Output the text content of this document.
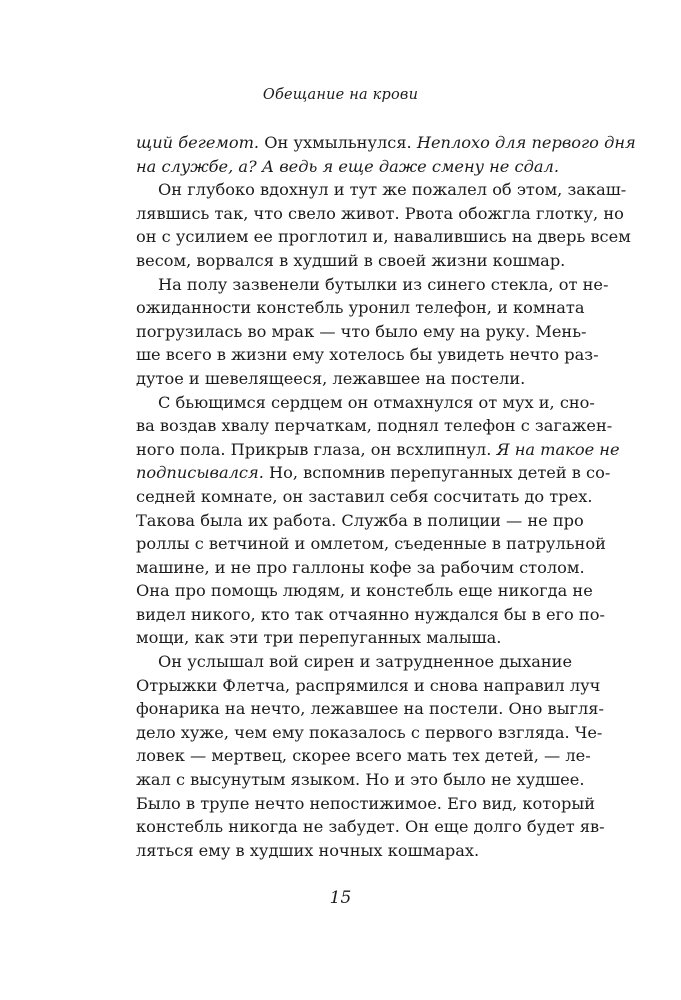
Обещание на крови
щий бегемот. Он ухмыльнулся. Неплохо для первого дня
на службе, а? А ведь я еще даже смену не сдал.
Он глубоко вдохнул и тут же пожалел об этом, закаш-
лявшись так, что свело живот. Рвота обожгла глотку, но
он с усилием ее проглотил и, навалившись на дверь всем
весом, ворвался в худший в своей жизни кошмар.
На полу зазвенели бутылки из синего стекла, от не-
ожиданности констебль уронил телефон, и комната
погрузилась во мрак — что было ему на руку. Мень-
ше всего в жизни ему хотелось бы увидеть нечто раз-
дутое и шевелящееся, лежавшее на постели.
С бьющимся сердцем он отмахнулся от мух и, сно-
ва воздав хвалу перчаткам, поднял телефон с загажен-
ного пола. Прикрыв глаза, он всхлипнул. Я на такое не
подписывался. Но, вспомнив перепуганных детей в со-
седней комнате, он заставил себя сосчитать до трех.
Такова была их работа. Служба в полиции — не про
роллы с ветчиной и омлетом, съеденные в патрульной
машине, и не про галлоны кофе за рабочим столом.
Она про помощь людям, и констебль еще никогда не
видел никого, кто так отчаянно нуждался бы в его по-
мощи, как эти три перепуганных малыша.
Он услышал вой сирен и затрудненное дыхание
Отрыжки Флетча, распрямился и снова направил луч
фонарика на нечто, лежавшее на постели. Оно выгля-
дело хуже, чем ему показалось с первого взгляда. Че-
ловек — мертвец, скорее всего мать тех детей, — ле-
жал с высунутым языком. Но и это было не худшее.
Было в трупе нечто непостижимое. Его вид, который
констебль никогда не забудет. Он еще долго будет яв-
ляться ему в худших ночных кошмарах.
15
